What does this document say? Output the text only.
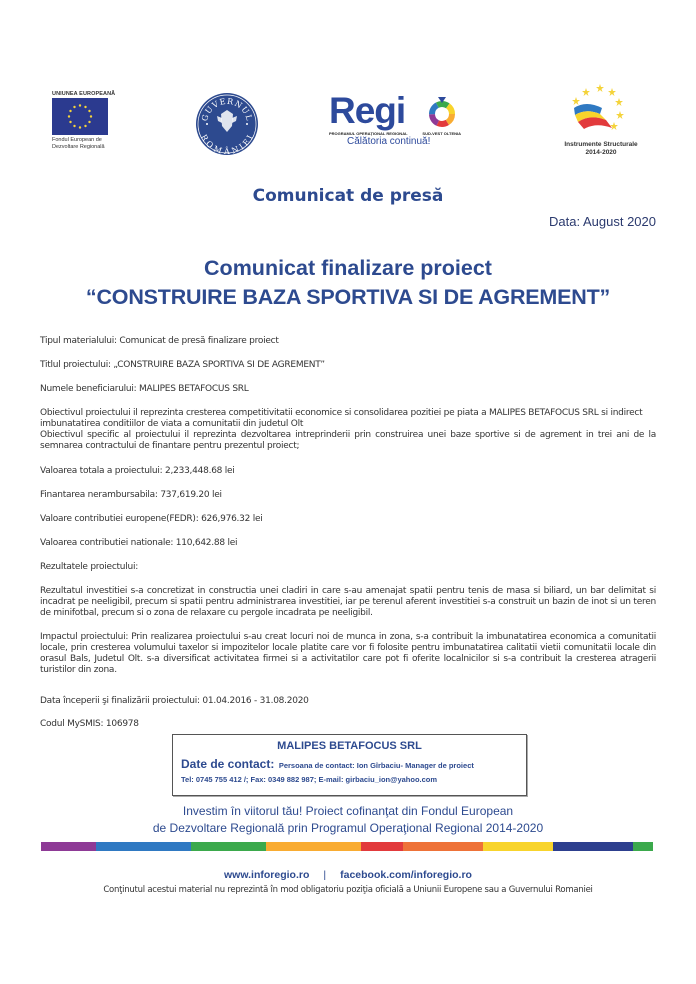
UNIUNEA EUROPEANĂ
Fondul European de
Dezvoltare Regională
GUVERNUL
ROMÂNIEI
Regi
PROGRAMUL OPERAȚIONAL REGIONAL	SUD-VEST OLTENIA
Călătoria continuă!	Instrumente Structurale
2014-2020
Comunicat de presă
Data: August 2020
Comunicat finalizare proiect
“CONSTRUIRE BAZA SPORTIVA SI DE AGREMENT”
Tipul materialului: Comunicat de presă finalizare proiect
Titlul proiectului: „CONSTRUIRE BAZA SPORTIVA SI DE AGREMENT”
Numele beneficiarului: MALIPES BETAFOCUS SRL
Obiectivul proiectului il reprezinta cresterea competitivitatii economice si consolidarea pozitiei pe piata a MALIPES BETAFOCUS SRL si indirect imbunatatirea conditiilor de viata a comunitatii din judetul Olt
Obiectivul specific al proiectului il reprezinta dezvoltarea intreprinderii prin construirea unei baze sportive si de agrement in trei ani de la semnarea contractului de finantare pentru prezentul proiect;
Valoarea totala a proiectului: 2,233,448.68 lei
Finantarea nerambursabila: 737,619.20 lei
Valoare contributiei europene(FEDR): 626,976.32 lei
Valoarea contributiei nationale: 110,642.88 lei
Rezultatele proiectului:
Rezultatul investitiei s-a concretizat in constructia unei cladiri in care s-au amenajat spatii pentru tenis de masa si biliard, un bar delimitat si incadrat pe neeligibil, precum si spatii pentru administrarea investitiei, iar pe terenul aferent investitiei s-a construit un bazin de inot si un teren de minifotbal, precum si o zona de relaxare cu pergole incadrata pe neeligibil.
Impactul proiectului: Prin realizarea proiectului s-au creat locuri noi de munca in zona, s-a contribuit la imbunatatirea economica a comunitatii locale, prin cresterea volumului taxelor si impozitelor locale platite care vor fi folosite pentru imbunatatirea calitatii vietii comunitatii locale din orasul Bals, Judetul Olt. s-a diversificat activitatea firmei si a activitatilor care pot fi oferite localnicilor si s-a contribuit la cresterea atragerii turistilor din zona.
Data începerii şi finalizării proiectului: 01.04.2016 - 31.08.2020
Codul MySMIS: 106978
MALIPES BETAFOCUS SRL
Date de contact: Persoana de contact: Ion Gîrbaciu- Manager de proiect
Tel: 0745 755 412 /; Fax: 0349 882 987; E-mail: girbaciu_ion@yahoo.com
Investim în viitorul tău! Proiect cofinanţat din Fondul European
de Dezvoltare Regională prin Programul Operaţional Regional 2014-2020
www.inforegio.ro | facebook.com/inforegio.ro
Conţinutul acestui material nu reprezintă în mod obligatoriu poziţia oficială a Uniunii Europene sau a Guvernului Romaniei
